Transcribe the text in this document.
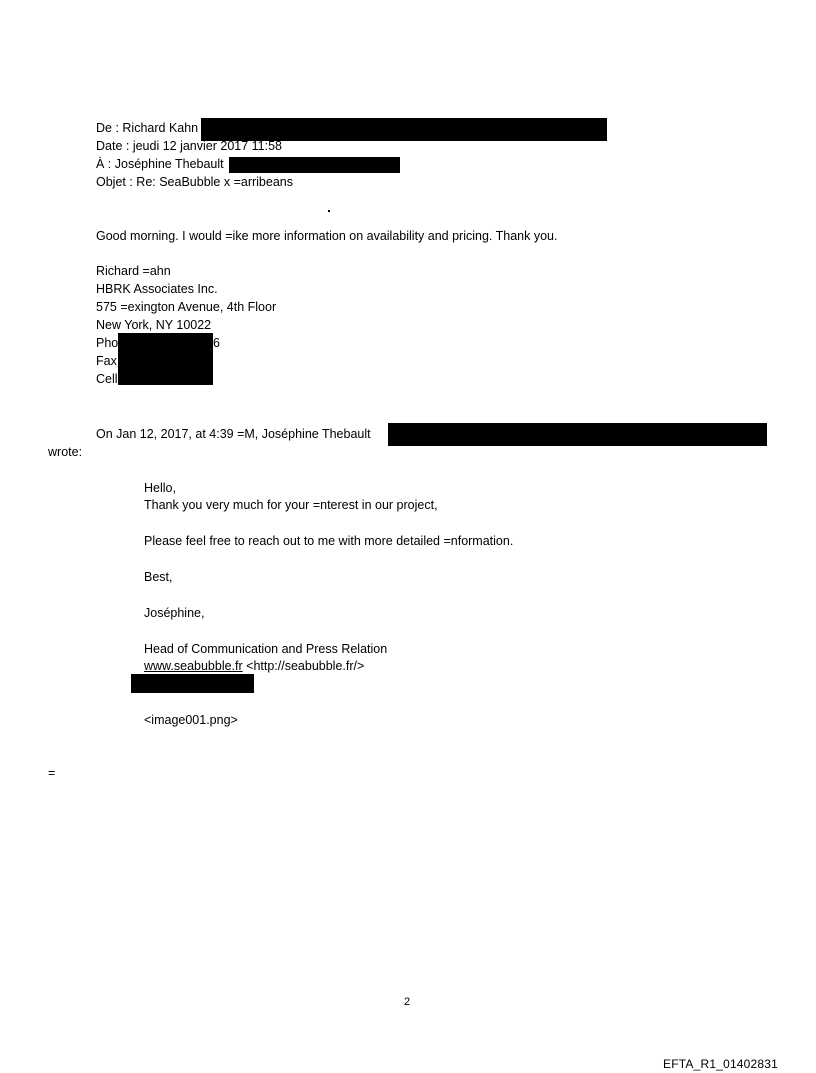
De : Richard Kahn
Date : jeudi 12 janvier 2017 11:58
À : Joséphine Thebault
Objet : Re: SeaBubble x =arribeans
Good morning. I would =ike more information on availability and pricing. Thank you.
Richard =ahn
HBRK Associates Inc.
575 =exington Avenue, 4th Floor
New York, NY 10022
Pho	6
Fax
Cell
On Jan 12, 2017, at 4:39 =M, Joséphine Thebault
wrote:
Hello,
Thank you very much for your =nterest in our project,
Please feel free to reach out to me with more detailed =nformation.
Best,
Joséphine,
Head of Communication and Press Relation
www.seabubble.fr <http://seabubble.fr/>
<image001.png>
=
2
EFTA_R1_01402831
